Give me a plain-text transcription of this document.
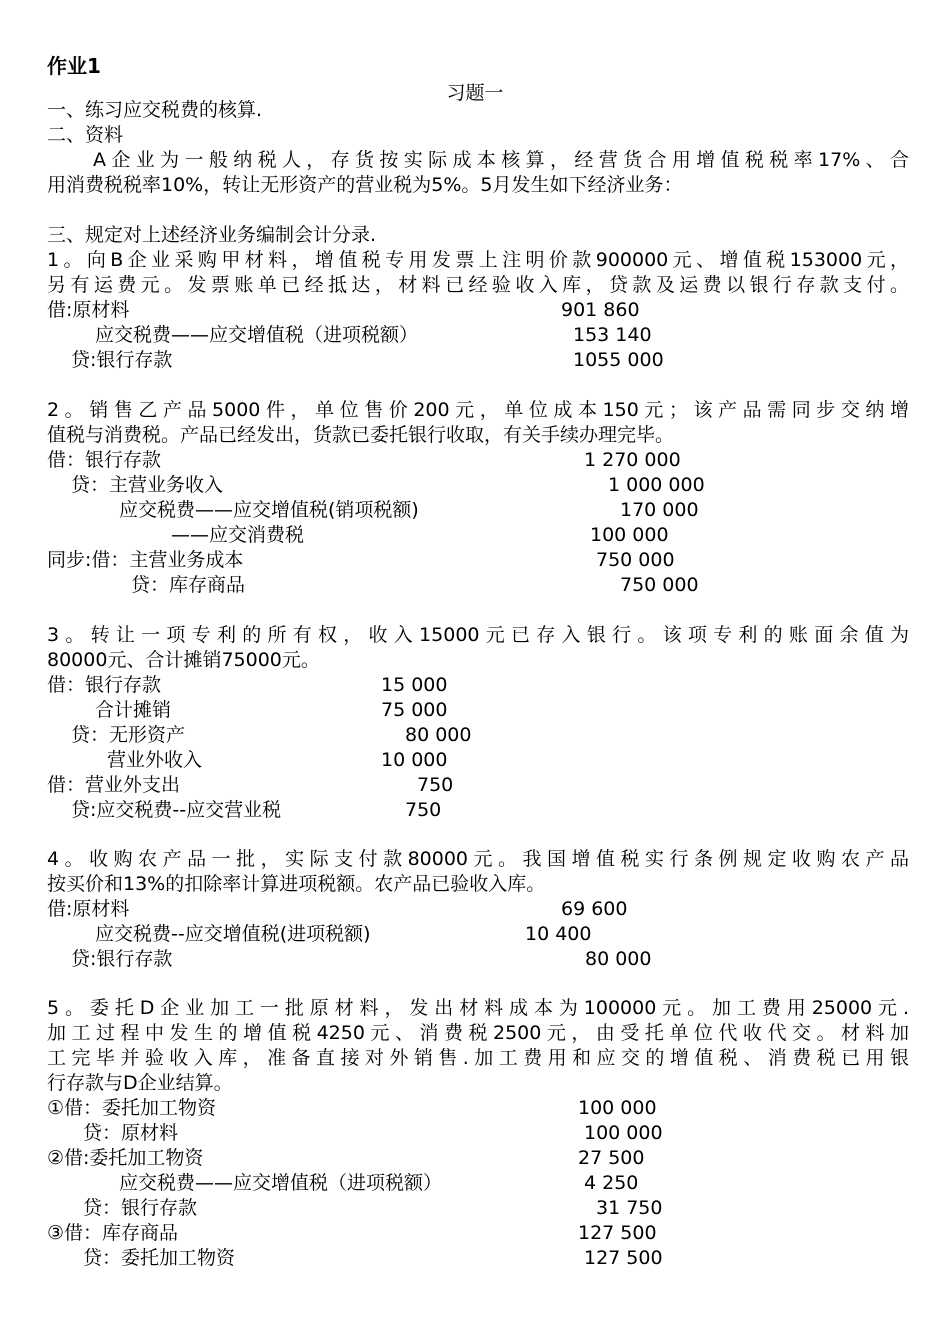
作业1
习题一
一、练习应交税费的核算.
二、资料
A企业为一般纳税人，存货按实际成本核算，经营货合用增值税税率17%、合
用消费税税率10%，转让无形资产的营业税为5%。5月发生如下经济业务：
三、规定对上述经济业务编制会计分录.
1。向B企业采购甲材料，增值税专用发票上注明价款900000元、增值税153000元，
另有运费元。发票账单已经抵达，材料已经验收入库，贷款及运费以银行存款支付。
借:原材料	901 860
应交税费——应交增值税（进项税额）	153 140
贷:银行存款	1055 000
2。销售乙产品5000件，单位售价200元，单位成本150元；该产品需同步交纳增
值税与消费税。产品已经发出，货款已委托银行收取，有关手续办理完毕。
借：银行存款	1 270 000
贷：主营业务收入	1 000 000
应交税费——应交增值税(销项税额)	170 000
——应交消费税	100 000
同步:借：主营业务成本	750 000
贷：库存商品	750 000
3。转让一项专利的所有权，收入15000元已存入银行。该项专利的账面余值为
80000元、合计摊销75000元。
借：银行存款	15 000
合计摊销	75 000
贷：无形资产	80 000
营业外收入	10 000
借：营业外支出	750
贷:应交税费--应交营业税	750
4。收购农产品一批，实际支付款80000元。我国增值税实行条例规定收购农产品
按买价和13%的扣除率计算进项税额。农产品已验收入库。
借:原材料	69 600
应交税费--应交增值税(进项税额)	10 400
贷:银行存款	80 000
5。委托D企业加工一批原材料，发出材料成本为100000元。加工费用25000元.
加工过程中发生的增值税4250元、消费税2500元，由受托单位代收代交。材料加
工完毕并验收入库，准备直接对外销售.加工费用和应交的增值税、消费税已用银
行存款与D企业结算。
①借：委托加工物资	100 000
贷：原材料	100 000
②借:委托加工物资	27 500
应交税费——应交增值税（进项税额）	4 250
贷：银行存款	31 750
③借：库存商品	127 500
贷：委托加工物资	127 500
